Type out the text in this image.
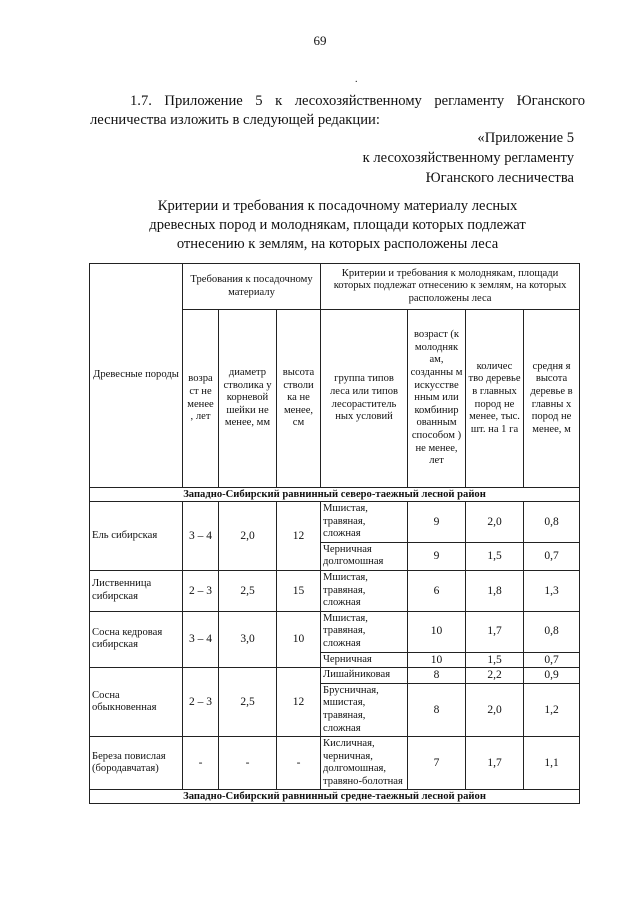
69
.
1.7. Приложение 5 к лесохозяйственному регламенту Юганского
лесничества изложить в следующей редакции:
«Приложение 5
к лесохозяйственному регламенту
Юганского лесничества
Критерии и требования к посадочному материалу лесных
древесных пород и молоднякам, площади которых подлежат
отнесению к землям, на которых расположены леса
Древесные породы	Требования к посадочному материалу			Критерии и требования к молоднякам, площади которых подлежат отнесению к землям, на которых расположены леса			
	возра ст не менее , лет	диаметр стволика у корневой шейки не менее, мм	высота стволи ка не менее, см	группа типов леса или типов лесораститель ных условий	возраст (к молодняк ам, созданны м искусстве нным или комбинир ованным способом ) не менее, лет	количес тво деревье в главных пород не менее, тыс. шт. на 1 га	средня я высота деревье в главны х пород не менее, м
Западно-Сибирский равнинный северо-таежный лесной район							
Ель сибирская	3 – 4	2,0	12	Мшистая, травяная, сложная	9	2,0	0,8
				Черничная долгомошная	9	1,5	0,7
Лиственница сибирская	2 – 3	2,5	15	Мшистая, травяная, сложная	6	1,8	1,3
Сосна кедровая сибирская	3 – 4	3,0	10	Мшистая, травяная, сложная	10	1,7	0,8
				Черничная	10	1,5	0,7
Сосна обыкновенная	2 – 3	2,5	12	Лишайниковая	8	2,2	0,9
				Брусничная, мшистая, травяная, сложная	8	2,0	1,2
Береза повислая (бородавчатая)	-	-	-	Кисличная, черничная, долгомошная, травяно-болотная	7	1,7	1,1
Западно-Сибирский равнинный средне-таежный лесной район							
